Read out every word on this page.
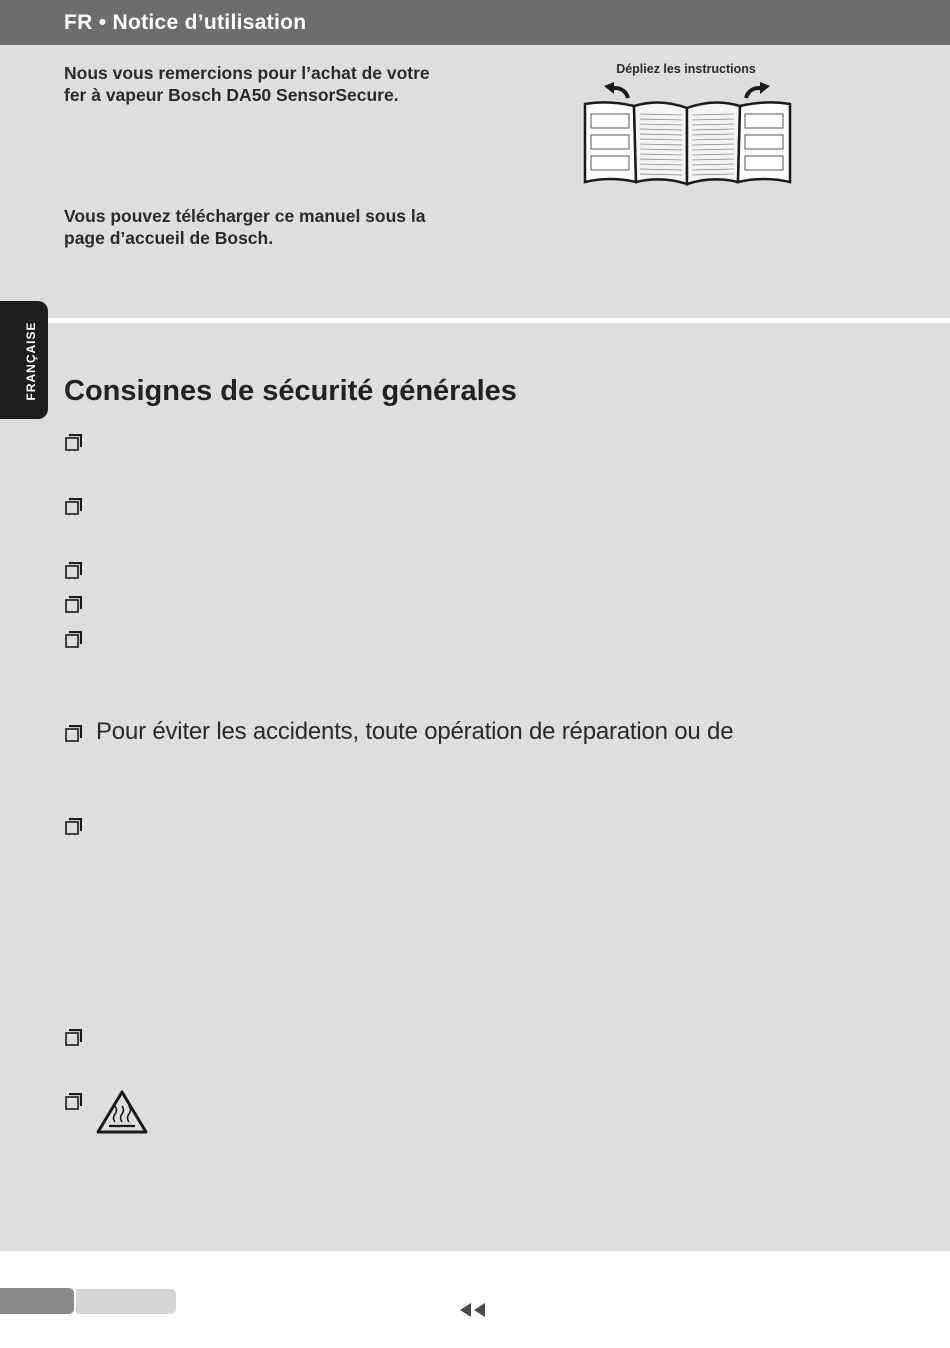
FR • Notice d’utilisation
Nous vous remercions pour l’achat de votre
fer à vapeur Bosch DA50 SensorSecure.
Vous pouvez télécharger ce manuel sous la
page d’accueil de Bosch.
Dépliez les instructions
FRANÇAISE Consignes de sécurité générales
Pour éviter les accidents, toute opération de réparation ou de
